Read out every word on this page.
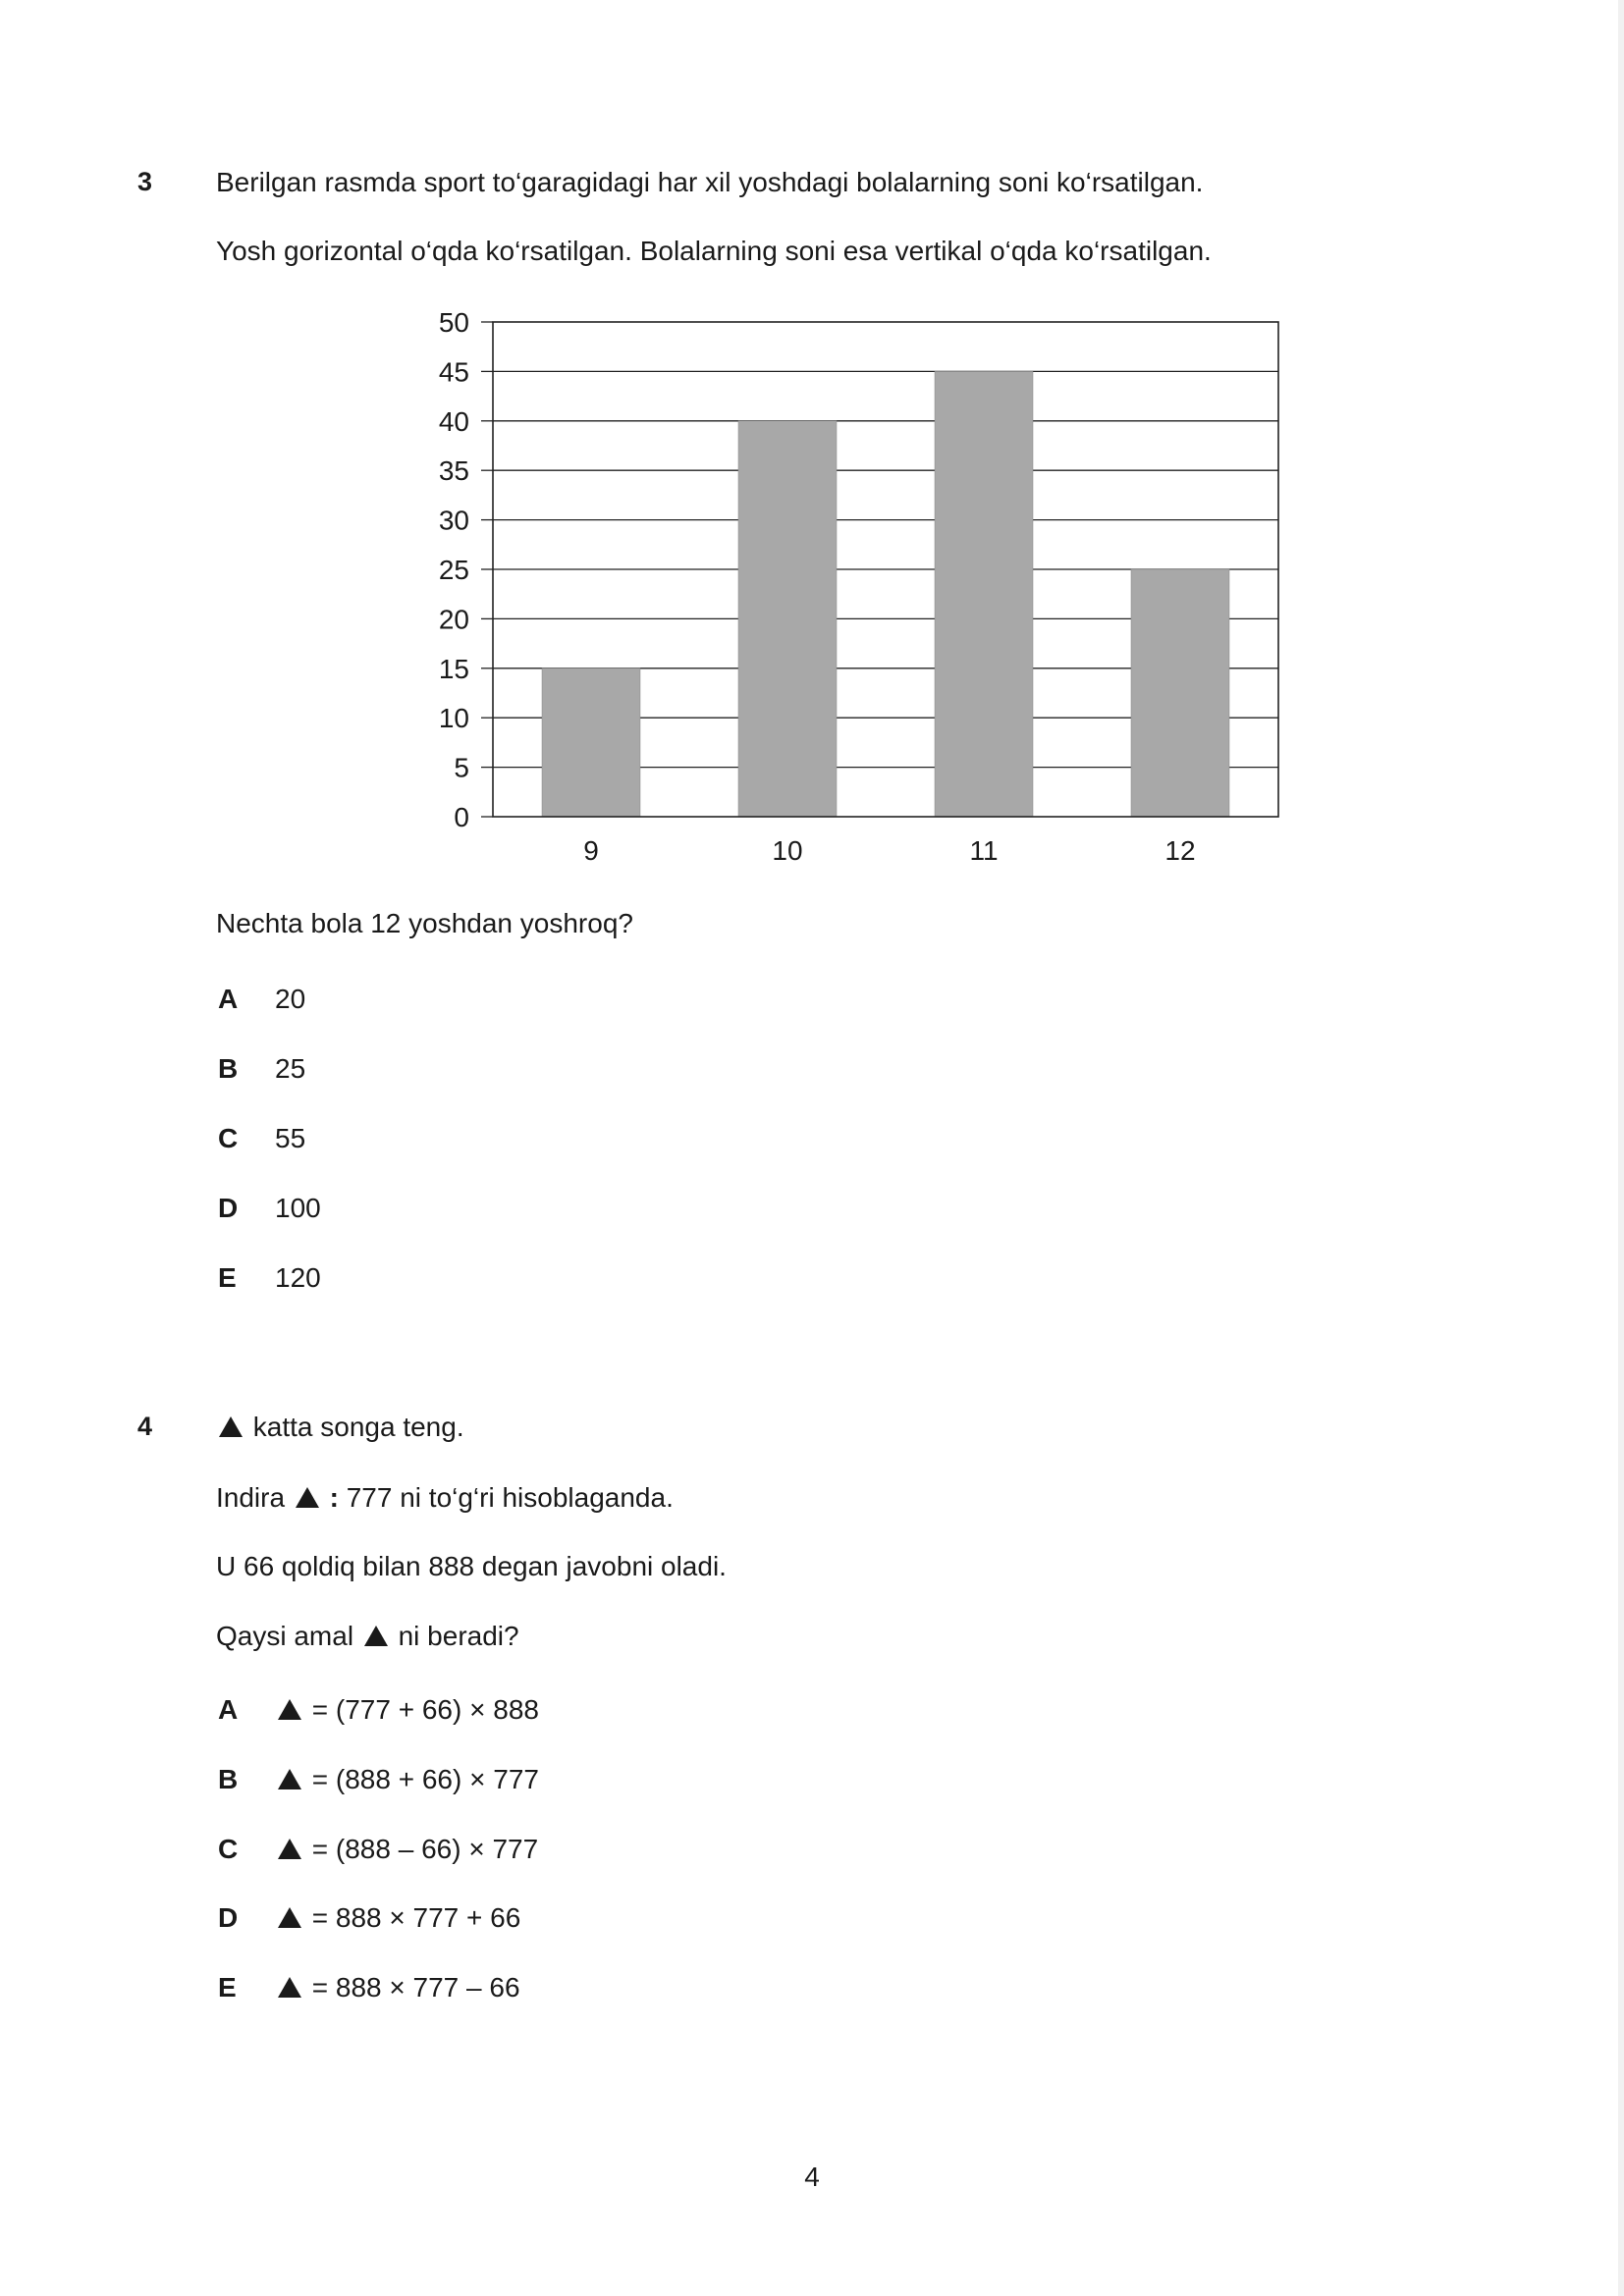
3 Berilgan rasmda sport to‘garagidagi har xil yoshdagi bolalarning soni ko‘rsatilgan.
Yosh gorizontal o‘qda ko‘rsatilgan. Bolalarning soni esa vertikal o‘qda ko‘rsatilgan.
0
5
10
15
20
25
30
35
40
45
50
9	10	11	12
Nechta bola 12 yoshdan yoshroq?
A 20
B 25
C 55
D 100
E 120
4	katta songa teng.
Indira : 777 ni to‘g‘ri hisoblaganda.
U 66 qoldiq bilan 888 degan javobni oladi.
Qaysi amal ni beradi?
A	= (777 + 66) × 888
B	= (888 + 66) × 777
C	= (888 – 66) × 777
D	= 888 × 777 + 66
E	= 888 × 777 – 66
4
